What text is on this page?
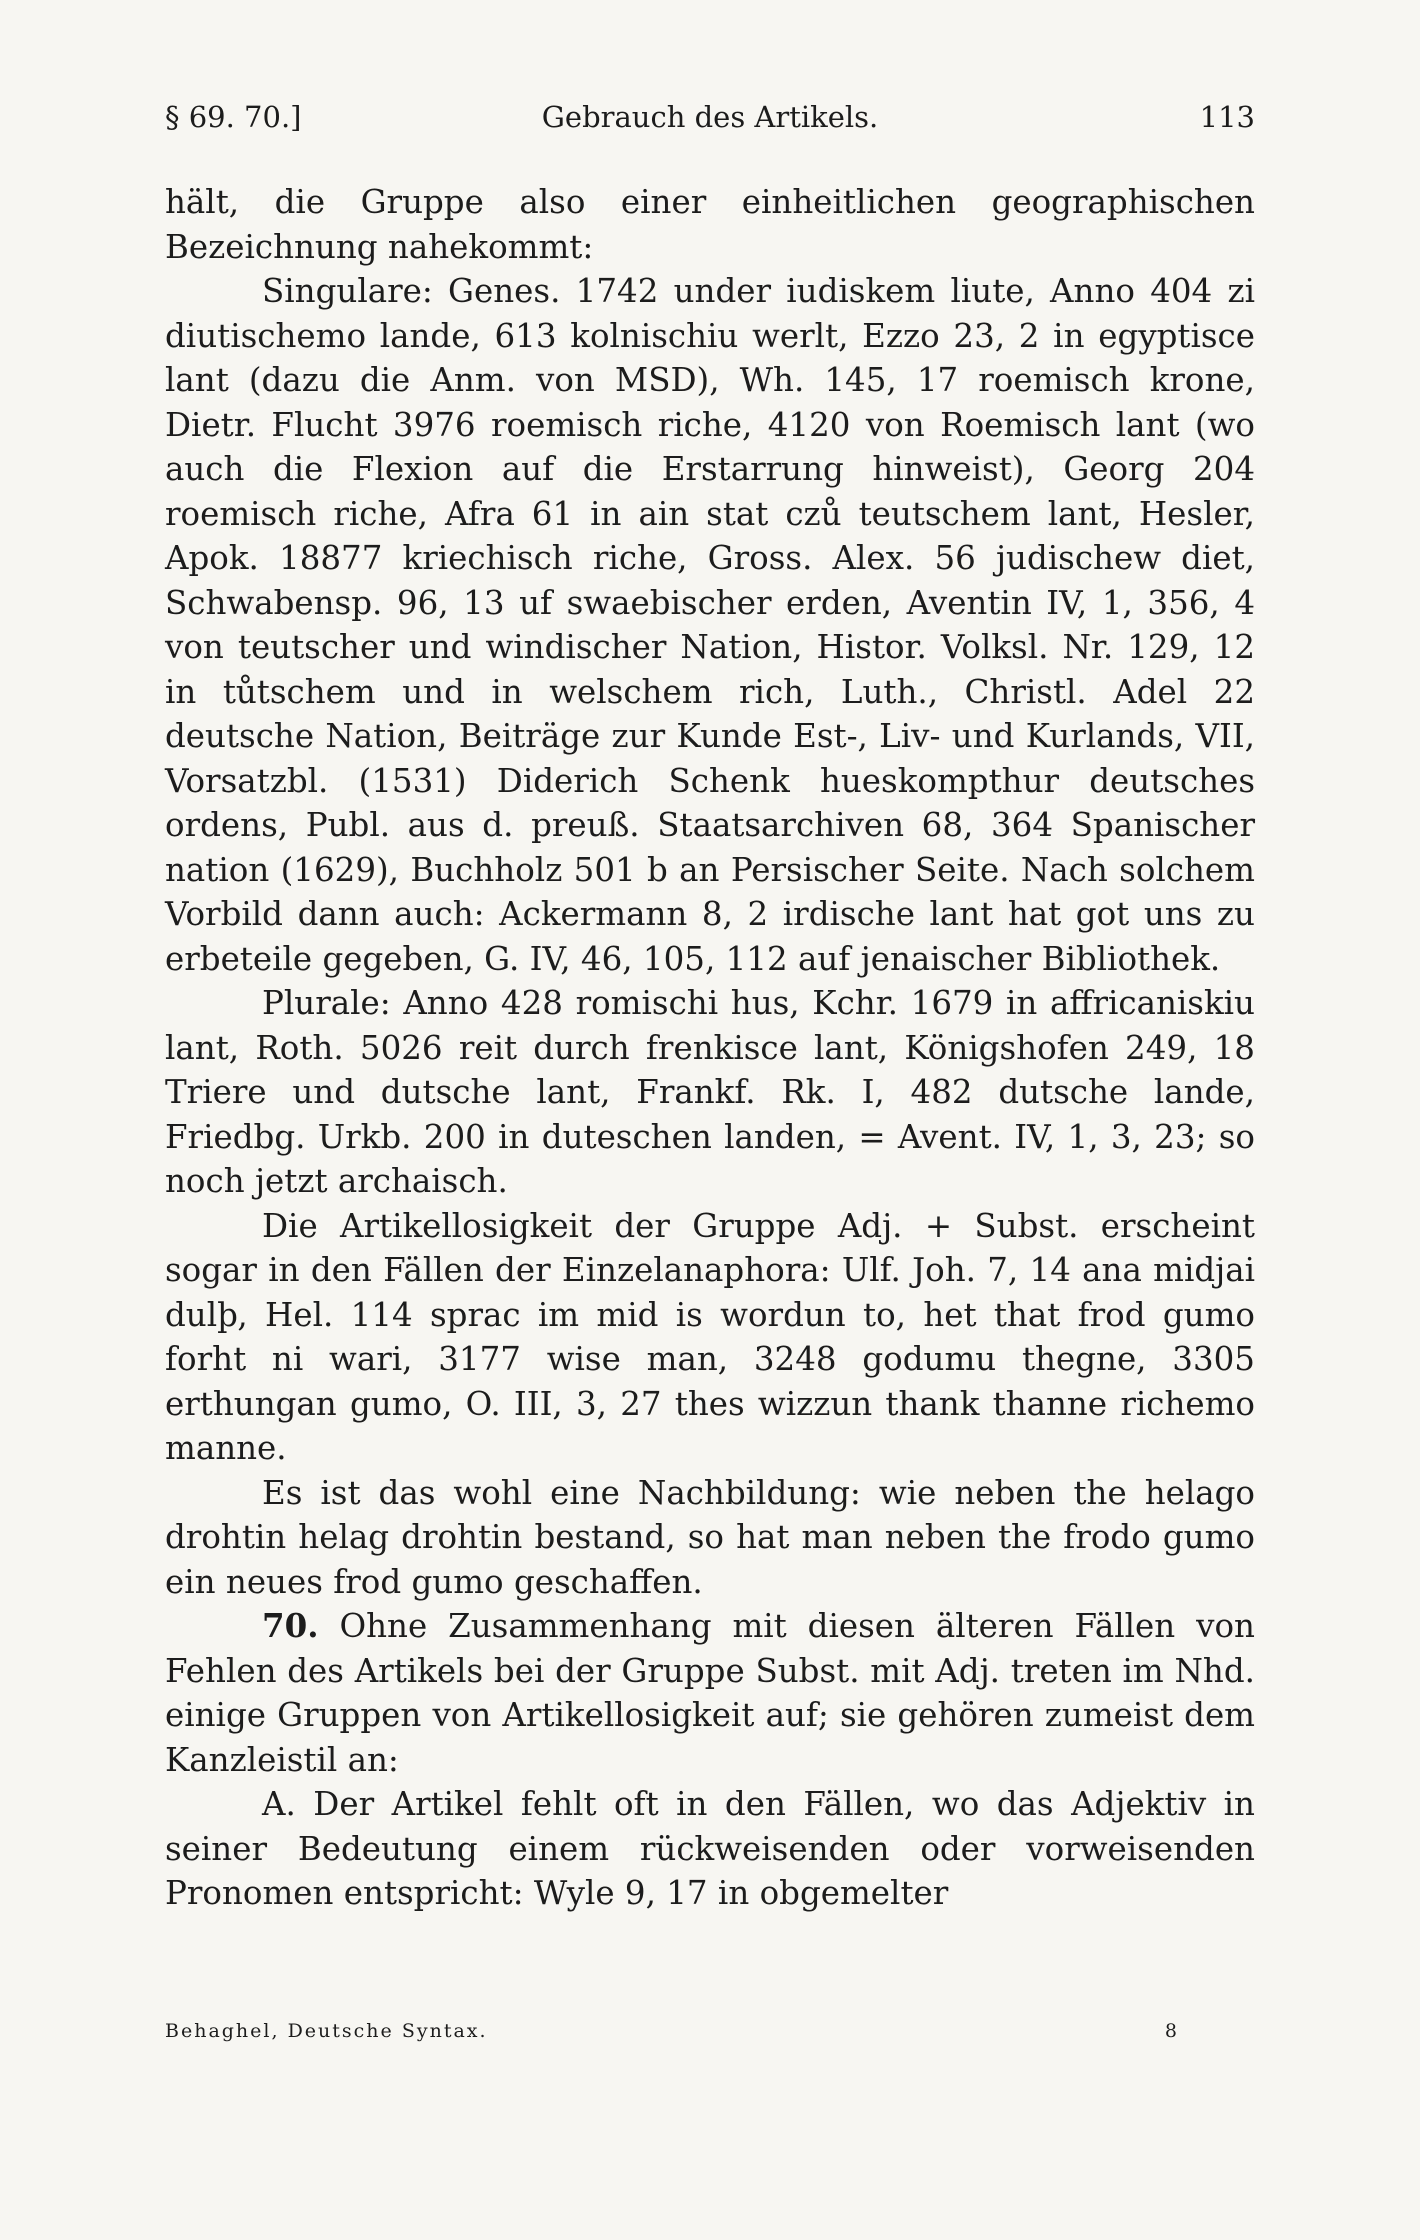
§ 69. 70.]	Gebrauch des Artikels.	113

hält, die Gruppe also einer einheitlichen geographischen Bezeichnung nahekommt:

Singulare: Genes. 1742 under iudiskem liute, Anno 404 zi diutischemo lande, 613 kolnischiu werlt, Ezzo 23, 2 in egyptisce lant (dazu die Anm. von MSD), Wh. 145, 17 roemisch krone, Dietr. Flucht 3976 roemisch riche, 4120 von Roemisch lant (wo auch die Flexion auf die Erstarrung hinweist), Georg 204 roemisch riche, Afra 61 in ain stat czů teutschem lant, Hesler, Apok. 18877 kriechisch riche, Gross. Alex. 56 judischew diet, Schwabensp. 96, 13 uf swaebischer erden, Aventin IV, 1, 356, 4 von teutscher und windischer Nation, Histor. Volksl. Nr. 129, 12 in tůtschem und in welschem rich, Luth., Christl. Adel 22 deutsche Nation, Beiträge zur Kunde Est-, Liv- und Kurlands, VII, Vorsatzbl. (1531) Diderich Schenk hueskompthur deutsches ordens, Publ. aus d. preuß. Staatsarchiven 68, 364 Spanischer nation (1629), Buchholz 501 b an Persischer Seite. Nach solchem Vorbild dann auch: Ackermann 8, 2 irdische lant hat got uns zu erbeteile gegeben, G. IV, 46, 105, 112 auf jenaischer Bibliothek.

Plurale: Anno 428 romischi hus, Kchr. 1679 in affricaniskiu lant, Roth. 5026 reit durch frenkisce lant, Königshofen 249, 18 Triere und dutsche lant, Frankf. Rk. I, 482 dutsche lande, Friedbg. Urkb. 200 in duteschen landen, = Avent. IV, 1, 3, 23; so noch jetzt archaisch.

Die Artikellosigkeit der Gruppe Adj. + Subst. erscheint sogar in den Fällen der Einzelanaphora: Ulf. Joh. 7, 14 ana midjai dulþ, Hel. 114 sprac im mid is wordun to, het that frod gumo forht ni wari, 3177 wise man, 3248 godumu thegne, 3305 erthungan gumo, O. III, 3, 27 thes wizzun thank thanne richemo manne.

Es ist das wohl eine Nachbildung: wie neben the helago drohtin helag drohtin bestand, so hat man neben the frodo gumo ein neues frod gumo geschaffen.

70. Ohne Zusammenhang mit diesen älteren Fällen von Fehlen des Artikels bei der Gruppe Subst. mit Adj. treten im Nhd. einige Gruppen von Artikellosigkeit auf; sie gehören zumeist dem Kanzleistil an:

A. Der Artikel fehlt oft in den Fällen, wo das Adjektiv in seiner Bedeutung einem rückweisenden oder vorweisenden Pronomen entspricht: Wyle 9, 17 in obgemelter

Behaghel, Deutsche Syntax.	8
